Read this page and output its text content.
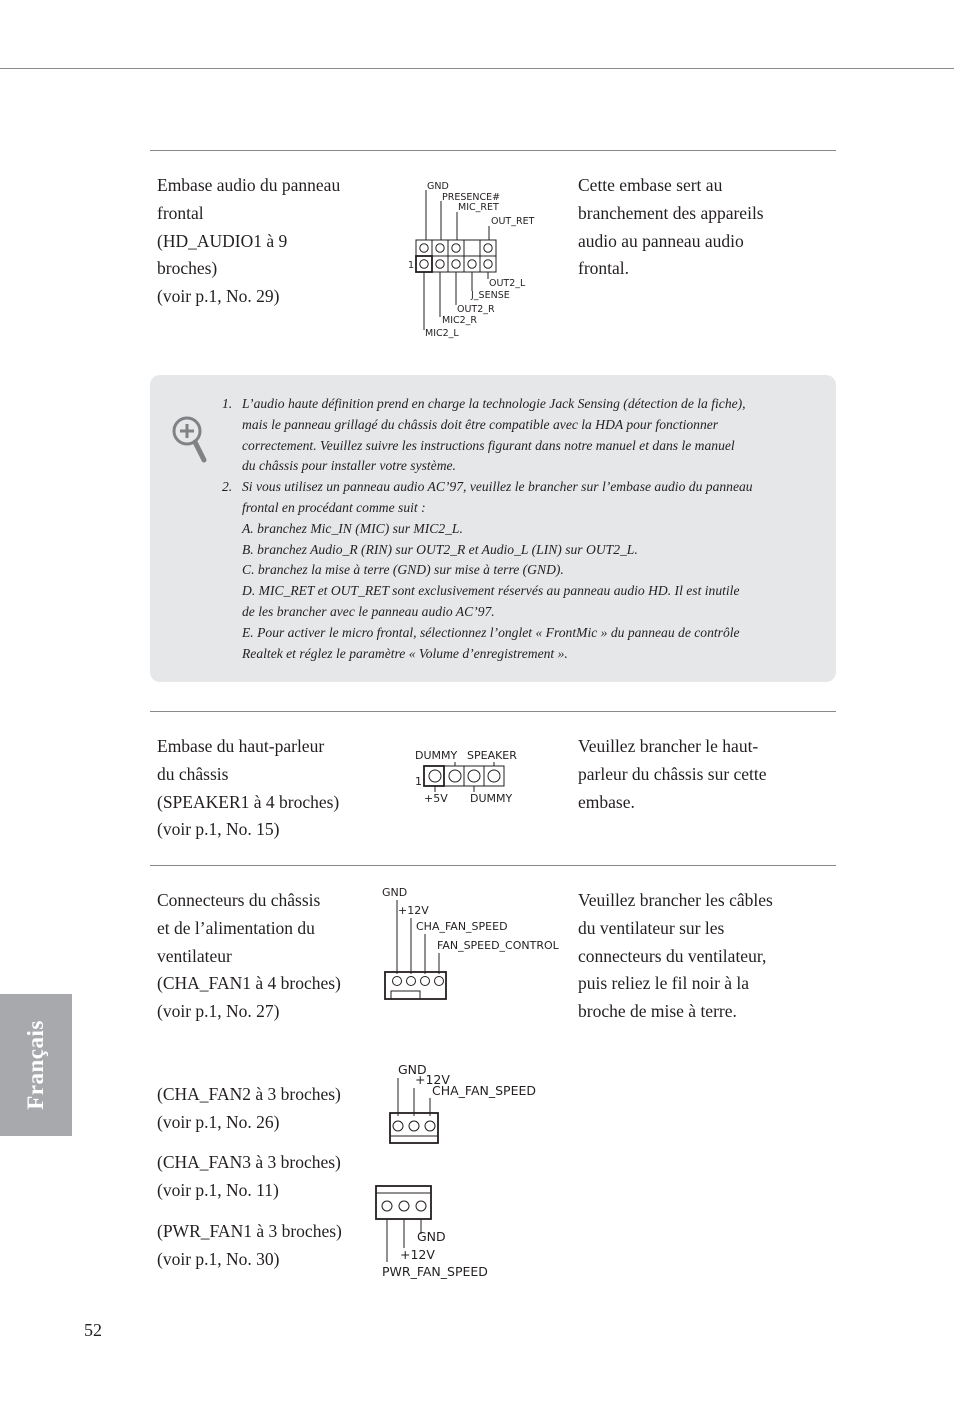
Embase audio du panneau
frontal
(HD_AUDIO1 à 9
broches)
(voir p.1, No. 29)
GND
PRESENCE#
MIC_RET
OUT_RET
1
OUT2_L
J_SENSE
OUT2_R
MIC2_R
MIC2_L
Cette embase sert au
branchement des appareils
audio au panneau audio
frontal.
1. L’audio haute définition prend en charge la technologie Jack Sensing (détection de la fiche),
mais le panneau grillagé du châssis doit être compatible avec la HDA pour fonctionner
correctement. Veuillez suivre les instructions figurant dans notre manuel et dans le manuel
du châssis pour installer votre système.
2. Si vous utilisez un panneau audio AC’97, veuillez le brancher sur l’embase audio du panneau
frontal en procédant comme suit :
A. branchez Mic_IN (MIC) sur MIC2_L.
B. branchez Audio_R (RIN) sur OUT2_R et Audio_L (LIN) sur OUT2_L.
C. branchez la mise à terre (GND) sur mise à terre (GND).
D. MIC_RET et OUT_RET sont exclusivement réservés au panneau audio HD. Il est inutile
de les brancher avec le panneau audio AC’97.
E. Pour activer le micro frontal, sélectionnez l’onglet « FrontMic » du panneau de contrôle
Realtek et réglez le paramètre « Volume d’enregistrement ».
Embase du haut-parleur
du châssis
(SPEAKER1 à 4 broches)
(voir p.1, No. 15)
DUMMY SPEAKER
1
+5V DUMMY
Veuillez brancher le haut-
parleur du châssis sur cette
embase.
Connecteurs du châssis
et de l’alimentation du
ventilateur
(CHA_FAN1 à 4 broches)
(voir p.1, No. 27)
GND
+12V
CHA_FAN_SPEED
FAN_SPEED_CONTROL
Veuillez brancher les câbles
du ventilateur sur les
connecteurs du ventilateur,
puis reliez le fil noir à la
broche de mise à terre.
(CHA_FAN2 à 3 broches)
(voir p.1, No. 26)
GND
+12V
CHA_FAN_SPEED
(CHA_FAN3 à 3 broches)
(voir p.1, No. 11)
(PWR_FAN1 à 3 broches)
(voir p.1, No. 30)
GND
+12V
PWR_FAN_SPEED
Français
52
